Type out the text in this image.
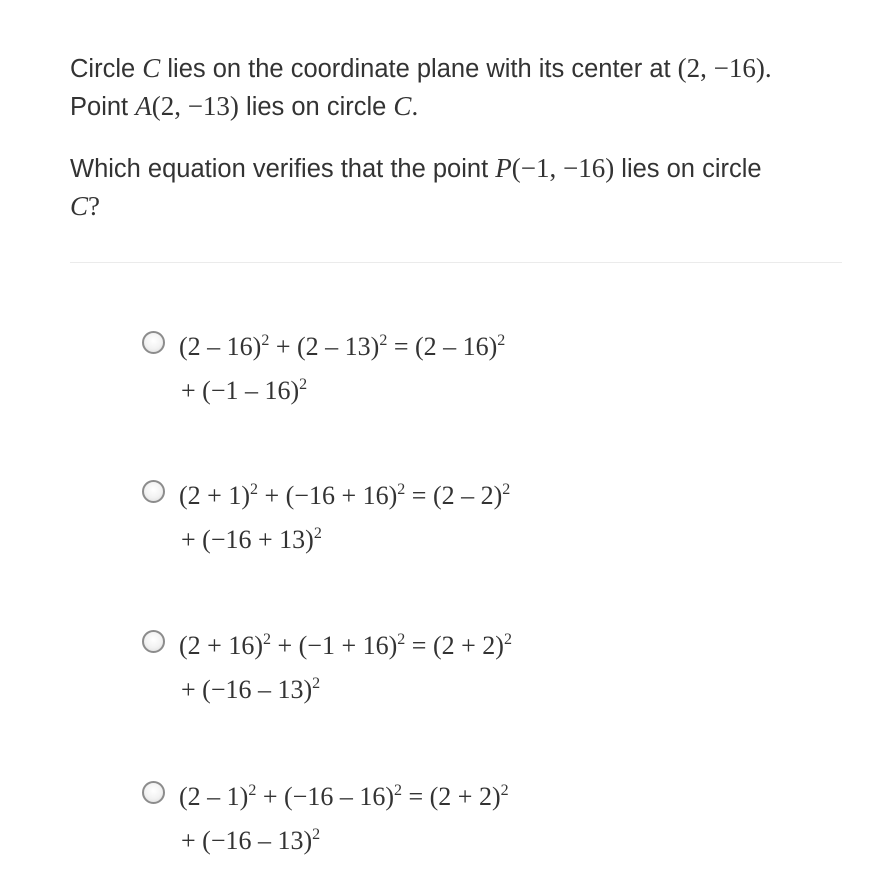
Circle C lies on the coordinate plane with its center at (2, −16).
Point A(2, −13) lies on circle C.

Which equation verifies that the point P(−1, −16) lies on circle
C?

(2 – 16)$^2$ + (2 – 13)$^2$ = (2 – 16)$^2$
+ $(-1 - 16)^2$
$(2 + 1)^2 + (-16 + 16)^2 = (2 - 2)^2$
+ $(-16 + 13)^2$
$(2 + 16)^2 + (-1 + 16)^2 = (2 + 2)^2$
+ $(-16 - 13)^2$
$(2 - 1)^2 + (-16 - 16)^2 = (2 + 2)^2$
+ $(-16 - 13)^2$
